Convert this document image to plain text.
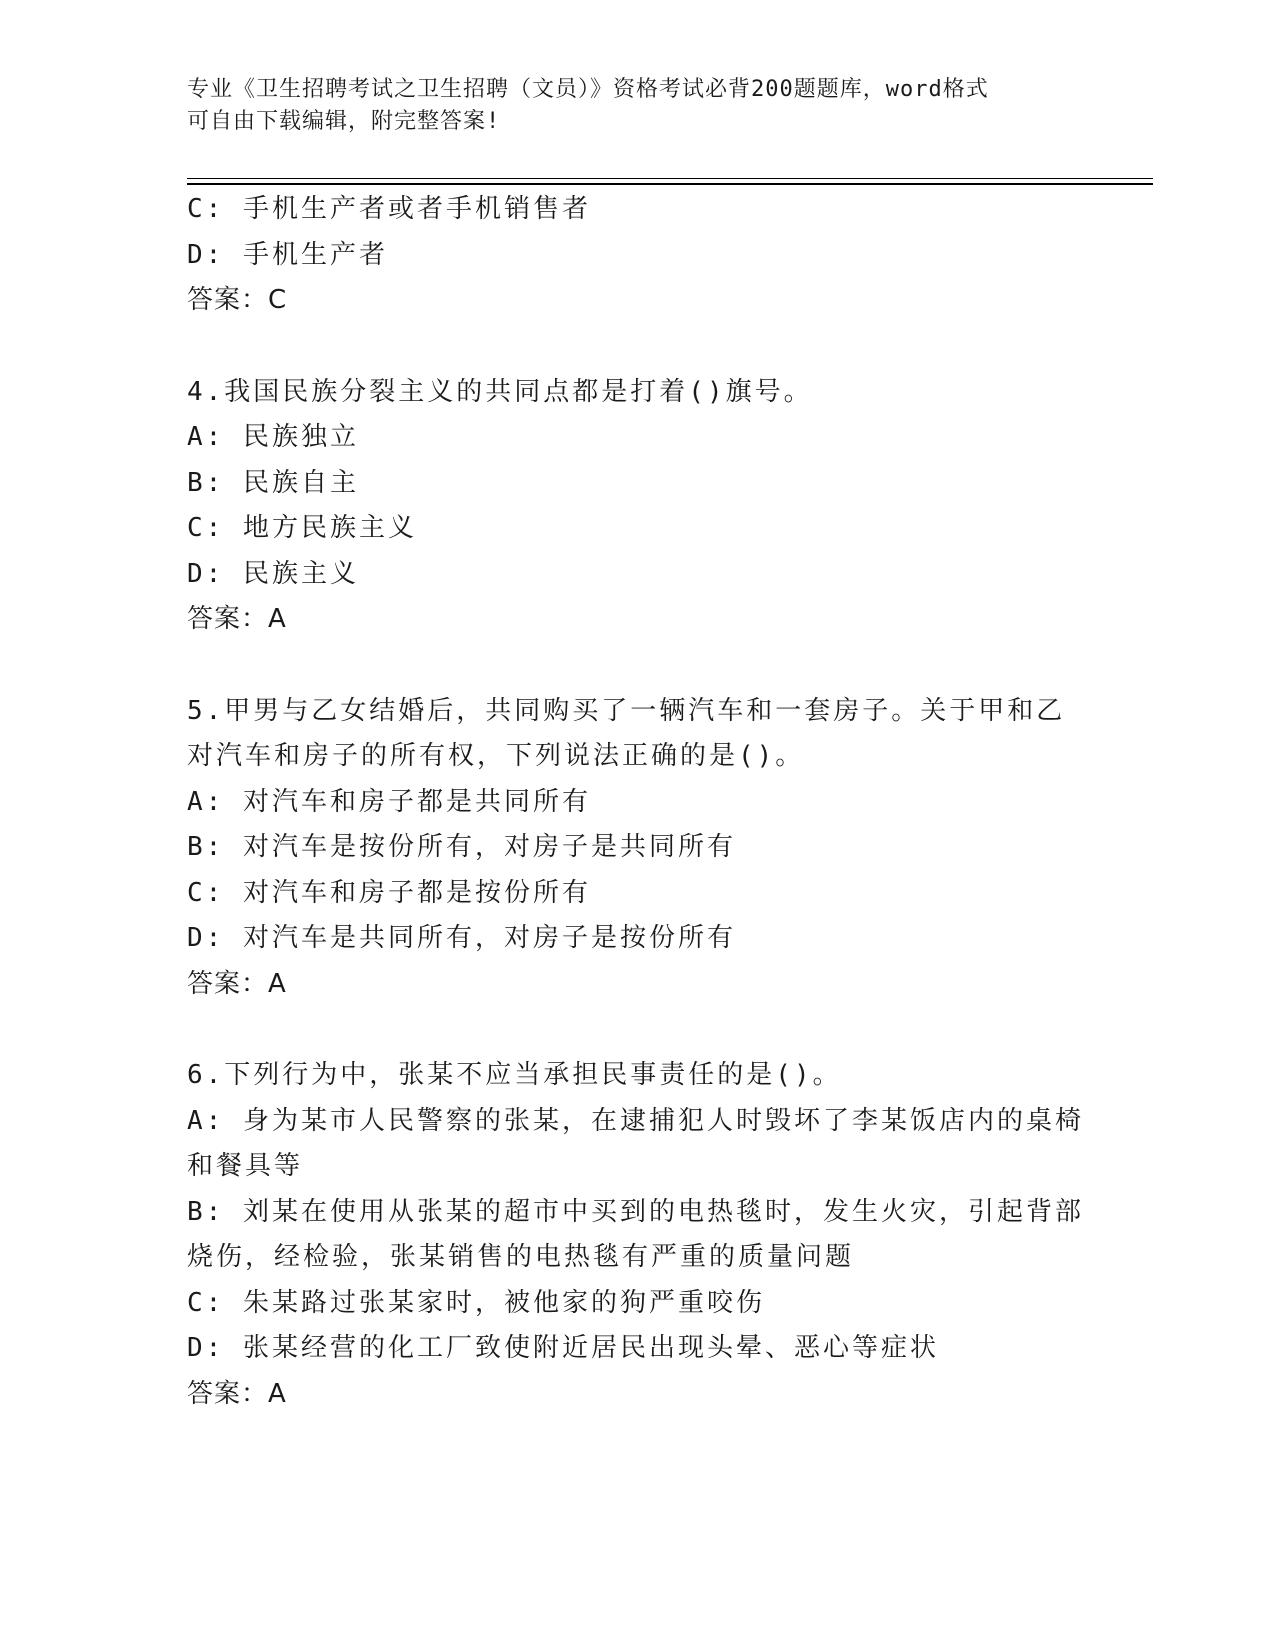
专业《卫生招聘考试之卫生招聘（文员）》资格考试必背200题题库，word格式
可自由下载编辑，附完整答案!
C: 手机生产者或者手机销售者
D: 手机生产者
答案：C
4.我国民族分裂主义的共同点都是打着()旗号。
A: 民族独立
B: 民族自主
C: 地方民族主义
D: 民族主义
答案：A
5.甲男与乙女结婚后，共同购买了一辆汽车和一套房子。关于甲和乙
对汽车和房子的所有权，下列说法正确的是()。
A: 对汽车和房子都是共同所有
B: 对汽车是按份所有，对房子是共同所有
C: 对汽车和房子都是按份所有
D: 对汽车是共同所有，对房子是按份所有
答案：A
6.下列行为中，张某不应当承担民事责任的是()。
A: 身为某市人民警察的张某，在逮捕犯人时毁坏了李某饭店内的桌椅
和餐具等
B: 刘某在使用从张某的超市中买到的电热毯时，发生火灾，引起背部
烧伤，经检验，张某销售的电热毯有严重的质量问题
C: 朱某路过张某家时，被他家的狗严重咬伤
D: 张某经营的化工厂致使附近居民出现头晕、恶心等症状
答案：A
